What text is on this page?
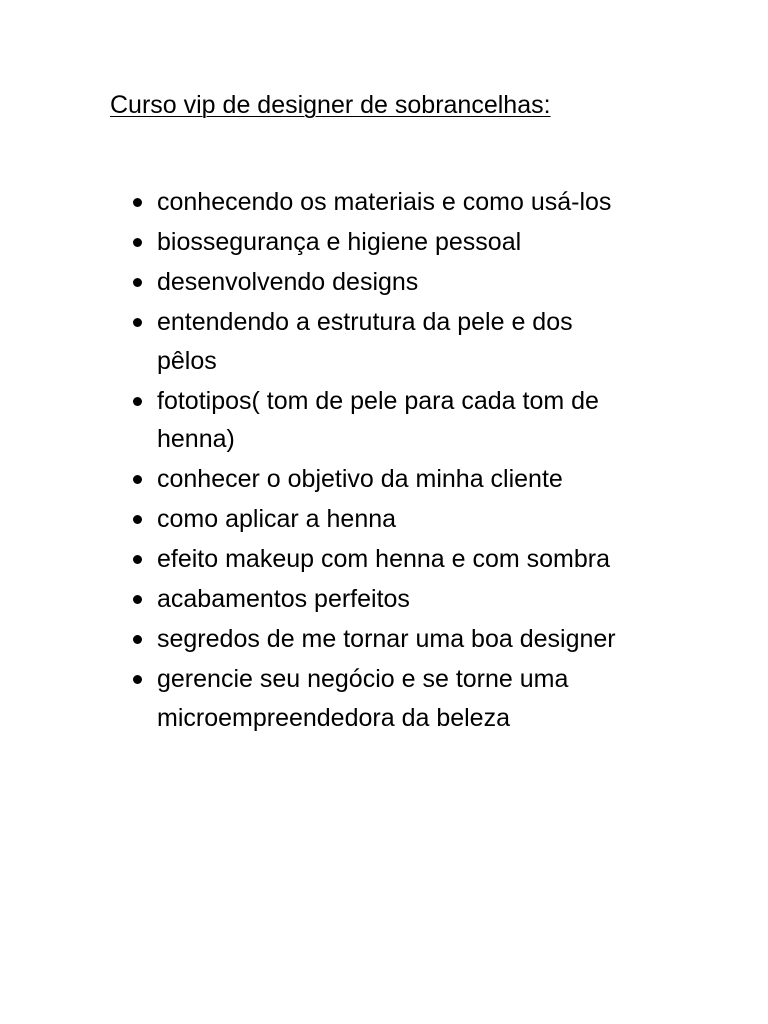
Curso vip de designer de sobrancelhas:
conhecendo os materiais e como usá-los
biossegurança e higiene pessoal
desenvolvendo designs
entendendo a estrutura da pele e dos pêlos
fototipos( tom de pele para cada tom de henna)
conhecer o objetivo da minha cliente
como aplicar a henna
efeito makeup com henna e com sombra
acabamentos perfeitos
segredos de me tornar uma boa designer
gerencie seu negócio e se torne uma microempreendedora da beleza
